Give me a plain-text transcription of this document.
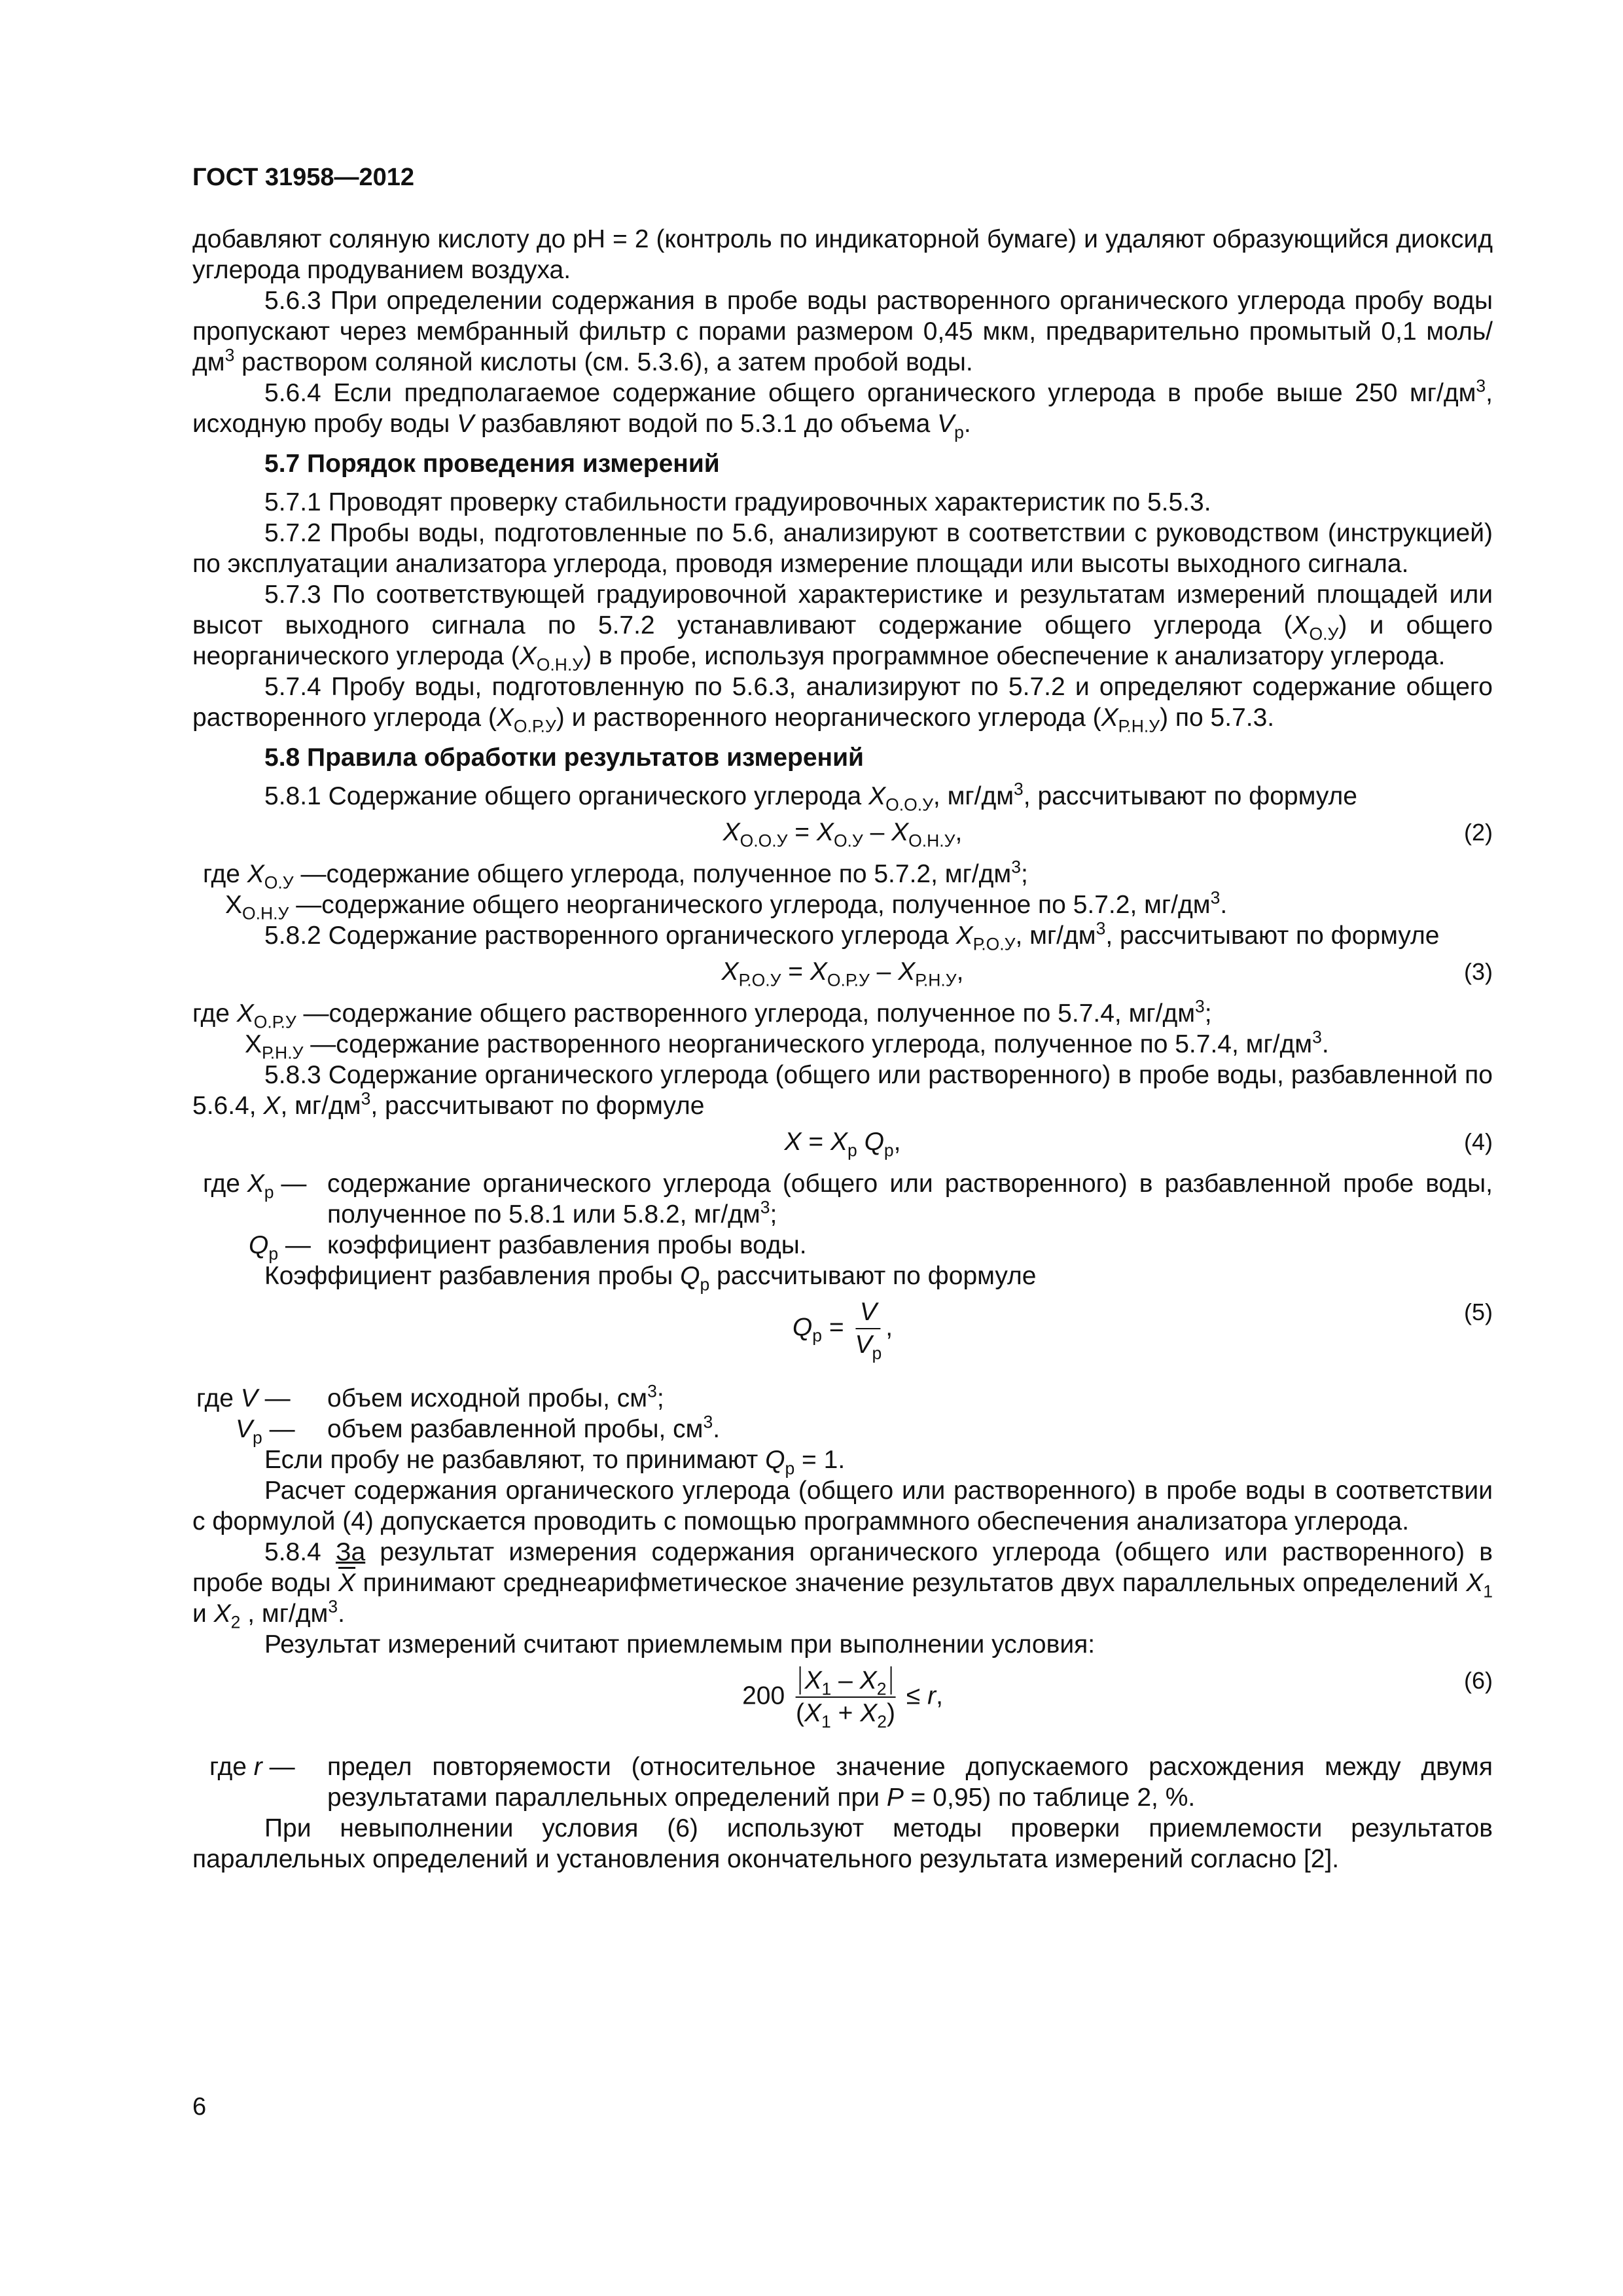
ГОСТ 31958—2012

добавляют соляную кислоту до pH = 2 (контроль по индикаторной бумаге) и удаляют образующийся диоксид углерода продуванием воздуха.

5.6.3 При определении содержания в пробе воды растворенного органического углерода пробу воды пропускают через мембранный фильтр с порами размером 0,45 мкм, предварительно промытый 0,1 моль/$дм^3$ раствором соляной кислоты (см. 5.3.6), а затем пробой воды.

5.6.4 Если предполагаемое содержание общего органического углерода в пробе выше 250 $мг/дм^3$, исходную пробу воды V разбавляют водой по 5.3.1 до объема $V_р$.

5.7 Порядок проведения измерений

5.7.1 Проводят проверку стабильности градуировочных характеристик по 5.5.3.

5.7.2 Пробы воды, подготовленные по 5.6, анализируют в соответствии с руководством (инструкцией) по эксплуатации анализатора углерода, проводя измерение площади или высоты выходного сигнала.

5.7.3 По соответствующей градуировочной характеристике и результатам измерений площадей или высот выходного сигнала по 5.7.2 устанавливают содержание общего углерода $(X_{О.У})$ и общего неорганического углерода $(X_{О.Н.У})$ в пробе, используя программное обеспечение к анализатору углерода.

5.7.4 Пробу воды, подготовленную по 5.6.3, анализируют по 5.7.2 и определяют содержание общего растворенного углерода $(X_{О.Р.У})$ и растворенного неорганического углерода $(X_{Р.Н.У})$ по 5.7.3.

5.8 Правила обработки результатов измерений

5.8.1 Содержание общего органического углерода $X_{О.О.У}$, $мг/дм^3$, рассчитывают по формуле

$X_{О.О.У} = X_{О.У} - X_{О.Н.У}$,	(2)
где $X_{О.У}$ — содержание общего углерода, полученное по 5.7.2, $мг/дм^3$;
$X_{О.Н.У}$ — содержание общего неорганического углерода, полученное по 5.7.2, $мг/дм^3$.

5.8.2 Содержание растворенного органического углерода $X_{Р.О.У}$, $мг/дм^3$, рассчитывают по формуле

$X_{Р.О.У} = X_{О.Р.У} - X_{Р.Н.У}$,	(3)
где $X_{О.Р.У}$ — содержание общего растворенного углерода, полученное по 5.7.4, $мг/дм^3$;
$X_{Р.Н.У}$ — содержание растворенного неорганического углерода, полученное по 5.7.4, $мг/дм^3$.

5.8.3 Содержание органического углерода (общего или растворенного) в пробе воды, разбавленной по 5.6.4, X, $мг/дм^3$, рассчитывают по формуле

$X = X_р$ $Q_р$,	(4)
где $X_р$ — содержание органического углерода (общего или растворенного) в разбавленной пробе воды, полученное по 5.8.1 или 5.8.2, $мг/дм^3$;
$Q_р$ — коэффициент разбавления пробы воды.

Коэффициент разбавления пробы $Q_р$ рассчитывают по формуле

$Q_р = \frac{V}{V_р}$ ,
(5)
где V —	объем исходной пробы, $см^3$;
$V_р$ —	объем разбавленной пробы, $см^3$.

Если пробу не разбавляют, то принимают $Q_р = 1$.

Расчет содержания органического углерода (общего или растворенного) в пробе воды в соответствии с формулой (4) допускается проводить с помощью программного обеспечения анализатора углерода.

5.8.4 За результат измерения содержания органического углерода (общего или растворенного) в пробе воды $\overline{X}$ принимают среднеарифметическое значение результатов двух параллельных определений $X_1$ и $X_2$ , $мг/дм^3$.

Результат измерений считают приемлемым при выполнении условия:

$200 \frac{X_1 - X_2}{(X_1 + X_2)} \le r$,
(6)
где r —	предел повторяемости (относительное значение допускаемого расхождения между двумя результатами параллельных определений при P = 0,95) по таблице 2, %.

При невыполнении условия (6) используют методы проверки приемлемости результатов параллельных определений и установления окончательного результата измерений согласно [2].

6
